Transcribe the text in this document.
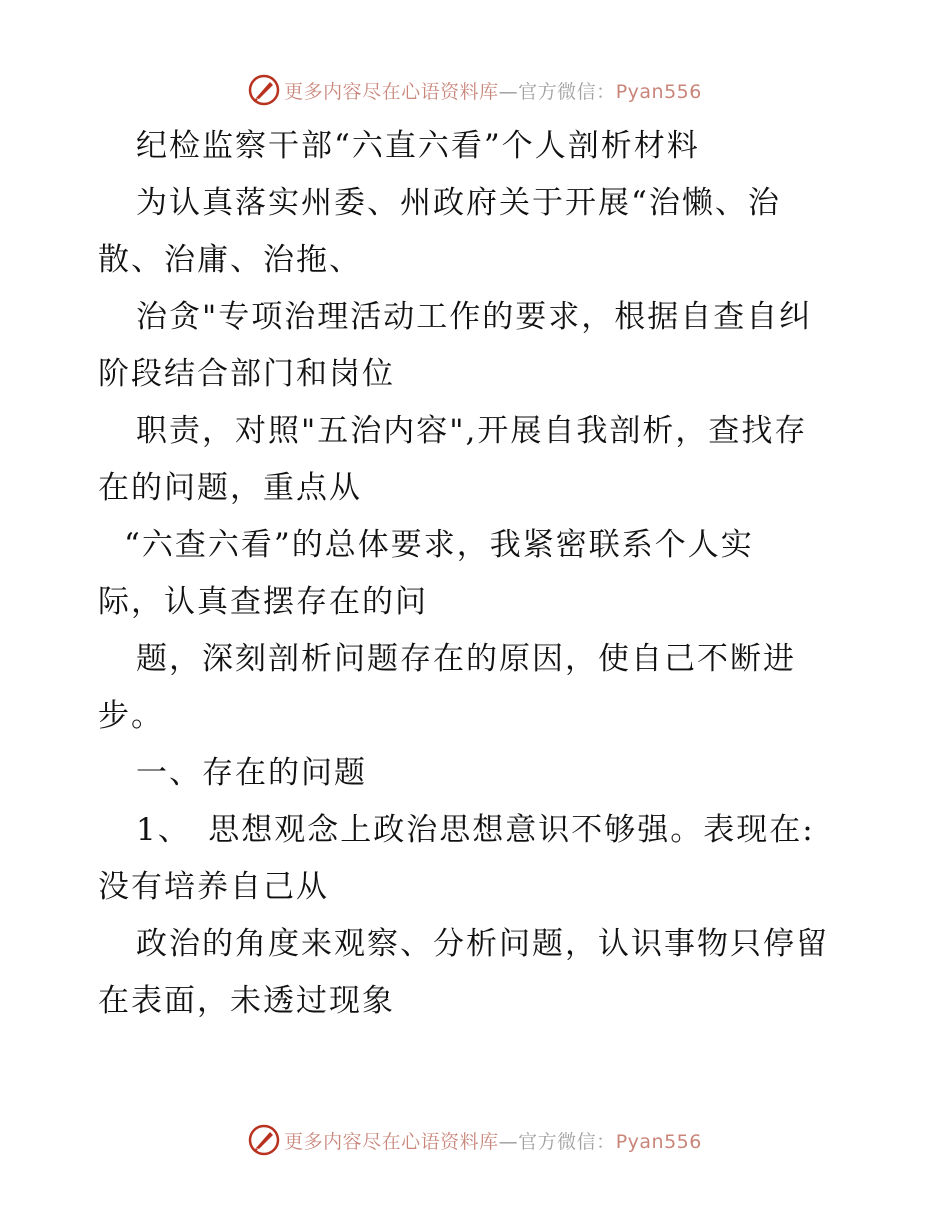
更多内容尽在心语资料库—官方微信：Pyan556
纪检监察干部“六直六看”个人剖析材料
为认真落实州委、州政府关于开展“治懒、治
散、治庸、治拖、
治贪"专项治理活动工作的要求，根据自查自纠
阶段结合部门和岗位
职责，对照"五治内容",开展自我剖析，查找存
在的问题，重点从
“六查六看”的总体要求，我紧密联系个人实
际，认真查摆存在的问
题，深刻剖析问题存在的原因，使自己不断进
步。
一、存在的问题
1、　思想观念上政治思想意识不够强。表现在:
没有培养自己从
政治的角度来观察、分析问题，认识事物只停留
在表面，未透过现象
更多内容尽在心语资料库—官方微信：Pyan556
